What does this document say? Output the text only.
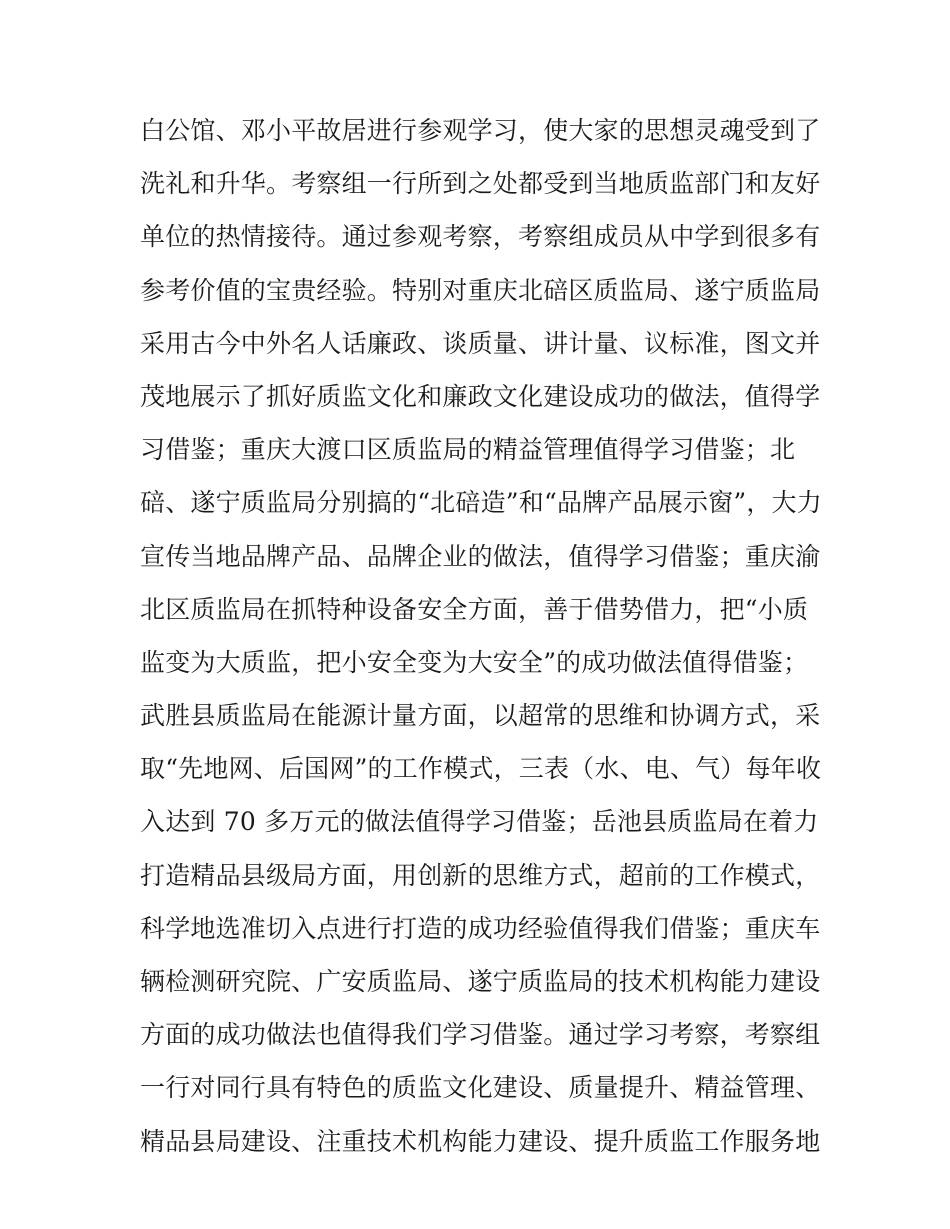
白公馆、邓小平故居进行参观学习，使大家的思想灵魂受到了
洗礼和升华。考察组一行所到之处都受到当地质监部门和友好
单位的热情接待。通过参观考察，考察组成员从中学到很多有
参考价值的宝贵经验。特别对重庆北碚区质监局、遂宁质监局
采用古今中外名人话廉政、谈质量、讲计量、议标准，图文并
茂地展示了抓好质监文化和廉政文化建设成功的做法，值得学
习借鉴；重庆大渡口区质监局的精益管理值得学习借鉴；北
碚、遂宁质监局分别搞的“北碚造”和“品牌产品展示窗”，大力
宣传当地品牌产品、品牌企业的做法，值得学习借鉴；重庆渝
北区质监局在抓特种设备安全方面，善于借势借力，把“小质
监变为大质监，把小安全变为大安全”的成功做法值得借鉴；
武胜县质监局在能源计量方面，以超常的思维和协调方式，采
取“先地网、后国网”的工作模式，三表（水、电、气）每年收
入达到 70 多万元的做法值得学习借鉴；岳池县质监局在着力
打造精品县级局方面，用创新的思维方式，超前的工作模式，
科学地选准切入点进行打造的成功经验值得我们借鉴；重庆车
辆检测研究院、广安质监局、遂宁质监局的技术机构能力建设
方面的成功做法也值得我们学习借鉴。通过学习考察，考察组
一行对同行具有特色的质监文化建设、质量提升、精益管理、
精品县局建设、注重技术机构能力建设、提升质监工作服务地
